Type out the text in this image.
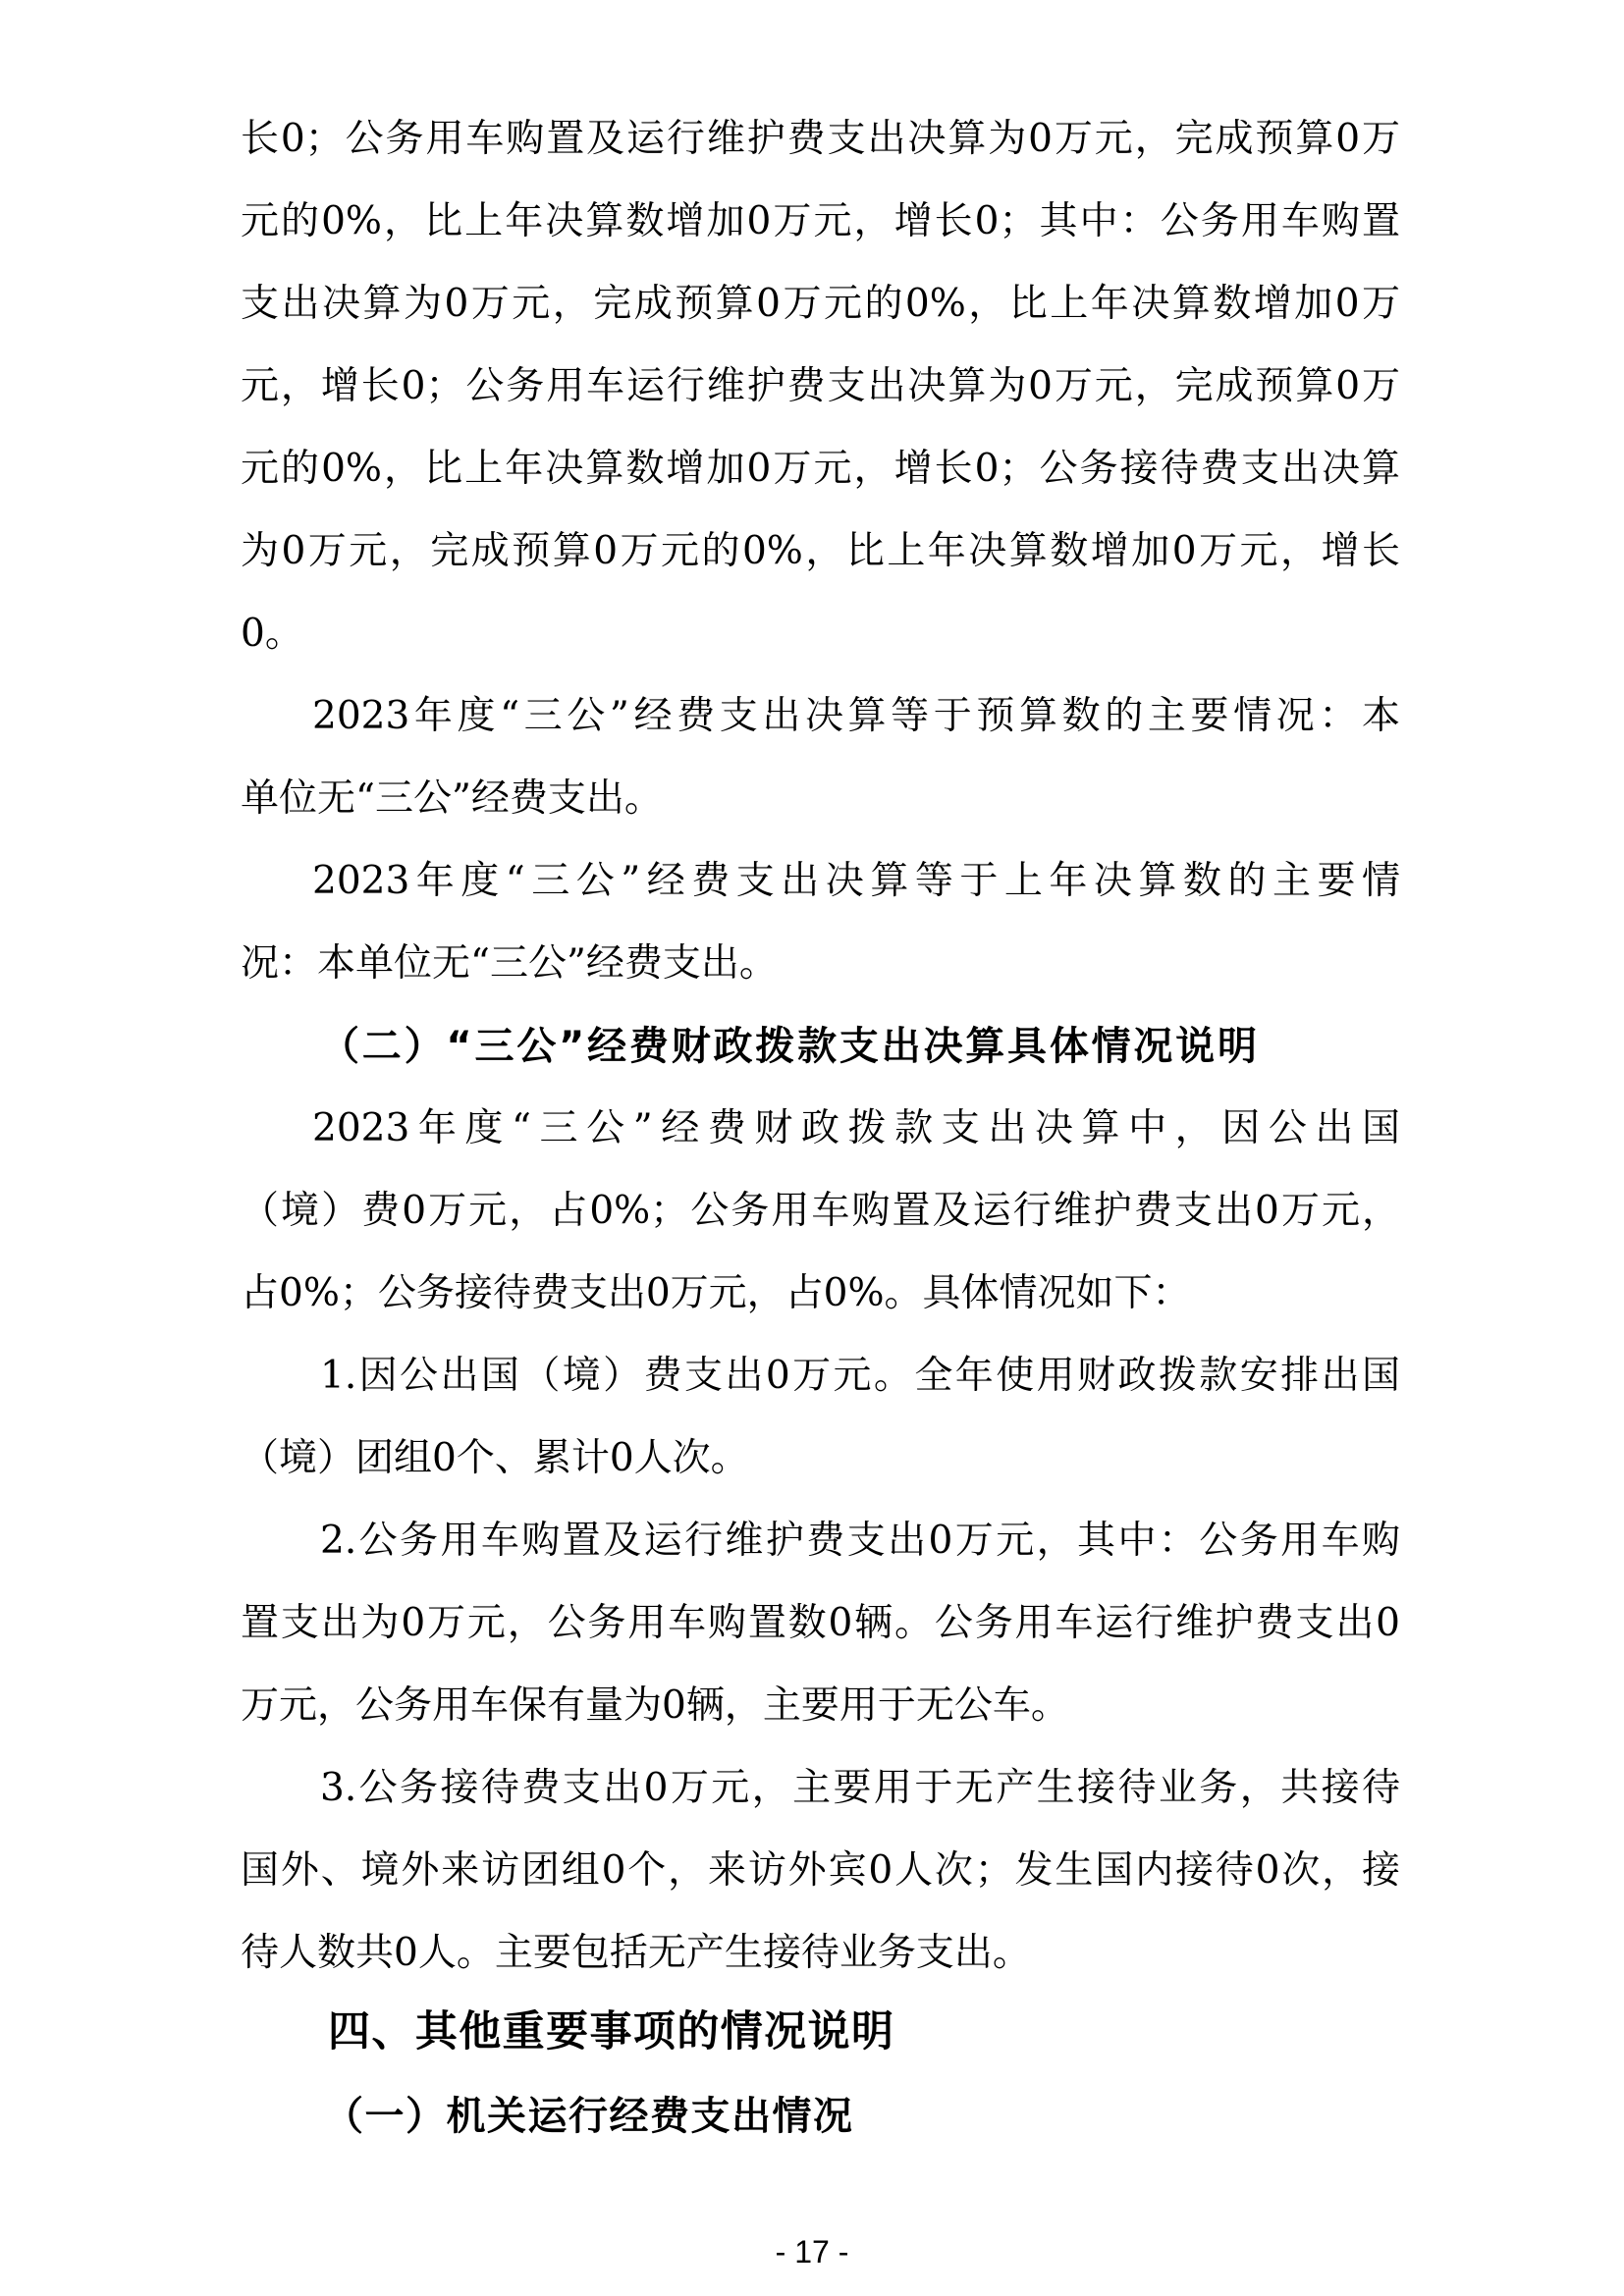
长0；公务用车购置及运行维护费支出决算为0万元，完成预算0万
元的0%，比上年决算数增加0万元，增长0；其中：公务用车购置
支出决算为0万元，完成预算0万元的0%，比上年决算数增加0万
元，增长0；公务用车运行维护费支出决算为0万元，完成预算0万
元的0%，比上年决算数增加0万元，增长0；公务接待费支出决算
为0万元，完成预算0万元的0%，比上年决算数增加0万元，增长
0。
2023年度“三公”经费支出决算等于预算数的主要情况：本
单位无“三公”经费支出。
2023年度“三公”经费支出决算等于上年决算数的主要情
况：本单位无“三公”经费支出。
（二）“三公”经费财政拨款支出决算具体情况说明
2023年度“三公”经费财政拨款支出决算中，因公出国
（境）费0万元，占0%；公务用车购置及运行维护费支出0万元，
占0%；公务接待费支出0万元，占0%。具体情况如下：
1.因公出国（境）费支出0万元。全年使用财政拨款安排出国
（境）团组0个、累计0人次。
2.公务用车购置及运行维护费支出0万元，其中：公务用车购
置支出为0万元，公务用车购置数0辆。公务用车运行维护费支出0
万元，公务用车保有量为0辆，主要用于无公车。
3.公务接待费支出0万元，主要用于无产生接待业务，共接待
国外、境外来访团组0个，来访外宾0人次；发生国内接待0次，接
待人数共0人。主要包括无产生接待业务支出。
四、其他重要事项的情况说明
（一）机关运行经费支出情况
- 17 -
